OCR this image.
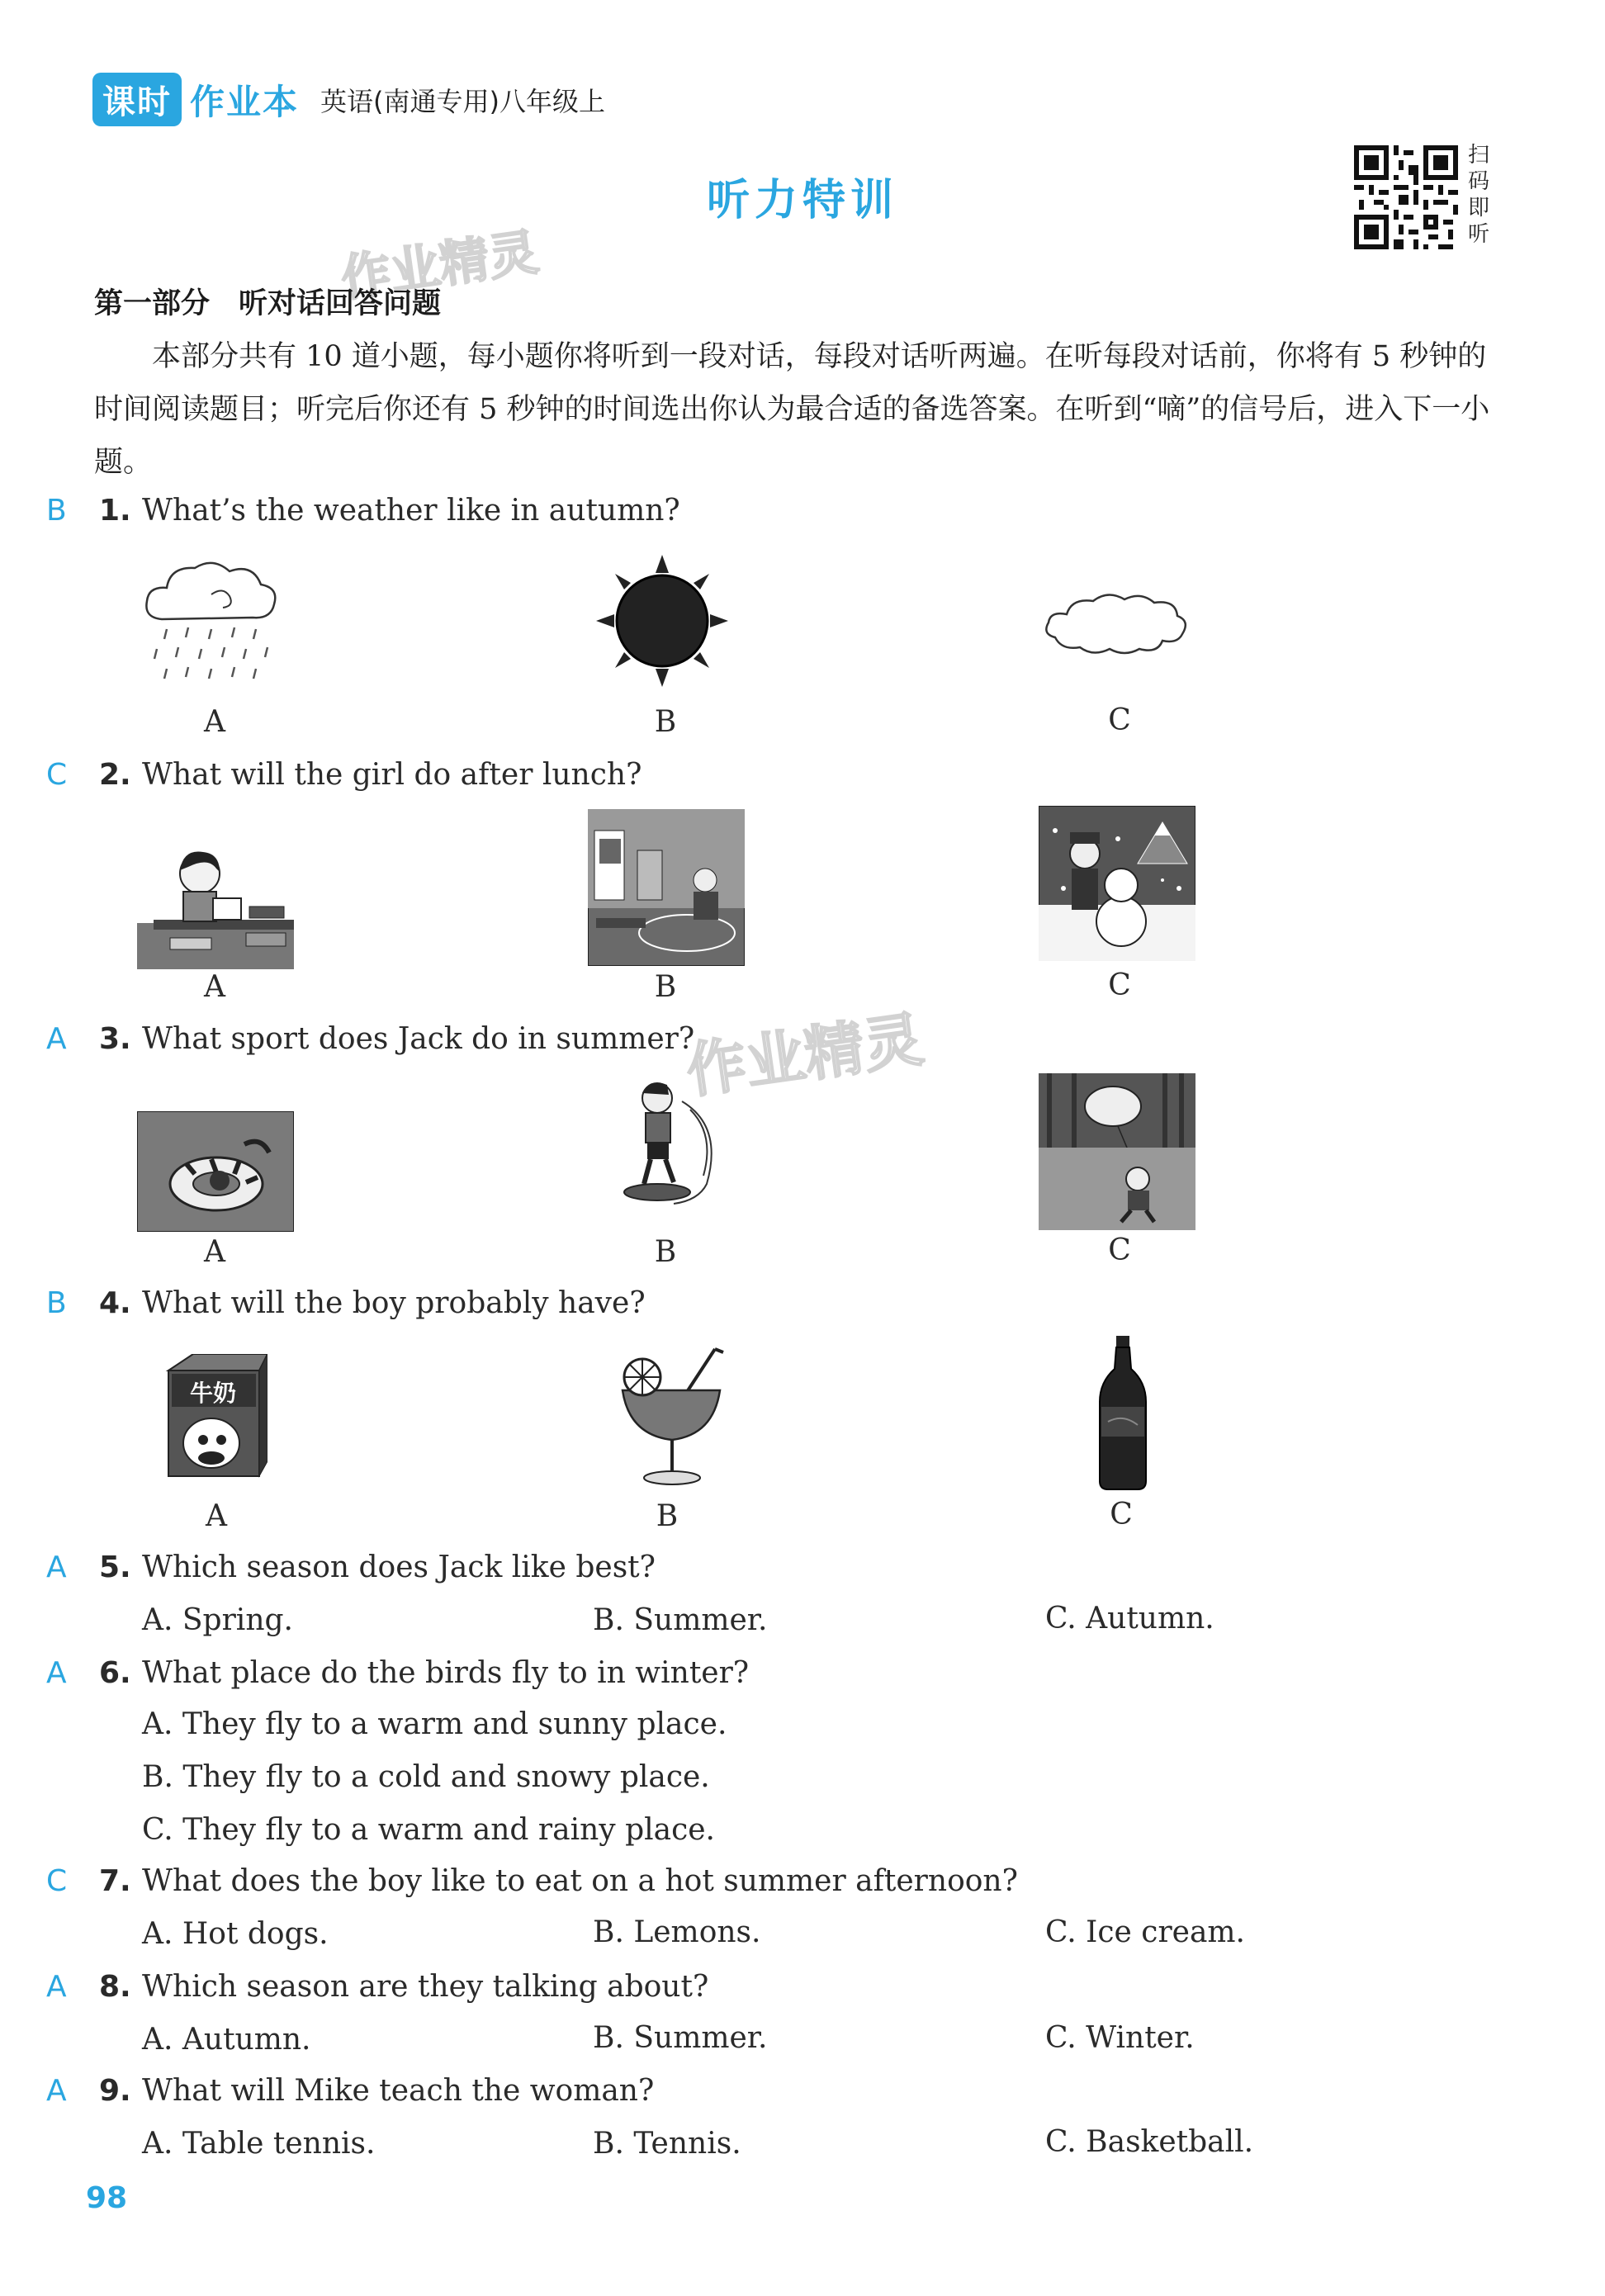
课时 作业本 英语(南通专用)八年级上
听力特训
扫
码
即
听
作业精灵
作业精灵
第一部分　听对话回答问题
本部分共有 10 道小题，每小题你将听到一段对话，每段对话听两遍。在听每段对话前，你将有 5 秒钟的时间阅读题目；听完后你还有 5 秒钟的时间选出你认为最合适的备选答案。在听到“嘀”的信号后，进入下一小题。
B 1. What’s the weather like in autumn?
A	B	C
C 2. What will the girl do after lunch?
A	B	C
A 3. What sport does Jack do in summer?
A	B	C
B 4. What will the boy probably have?
牛奶
A	B	C
A 5. Which season does Jack like best?
A. Spring.	B. Summer.	C. Autumn.
A 6. What place do the birds fly to in winter?
A. They fly to a warm and sunny place.
B. They fly to a cold and snowy place.
C. They fly to a warm and rainy place.
C 7. What does the boy like to eat on a hot summer afternoon?
A. Hot dogs.	B. Lemons.	C. Ice cream.
A 8. Which season are they talking about?
A. Autumn.	B. Summer.	C. Winter.
A 9. What will Mike teach the woman?
A. Table tennis.	B. Tennis.	C. Basketball.
98
